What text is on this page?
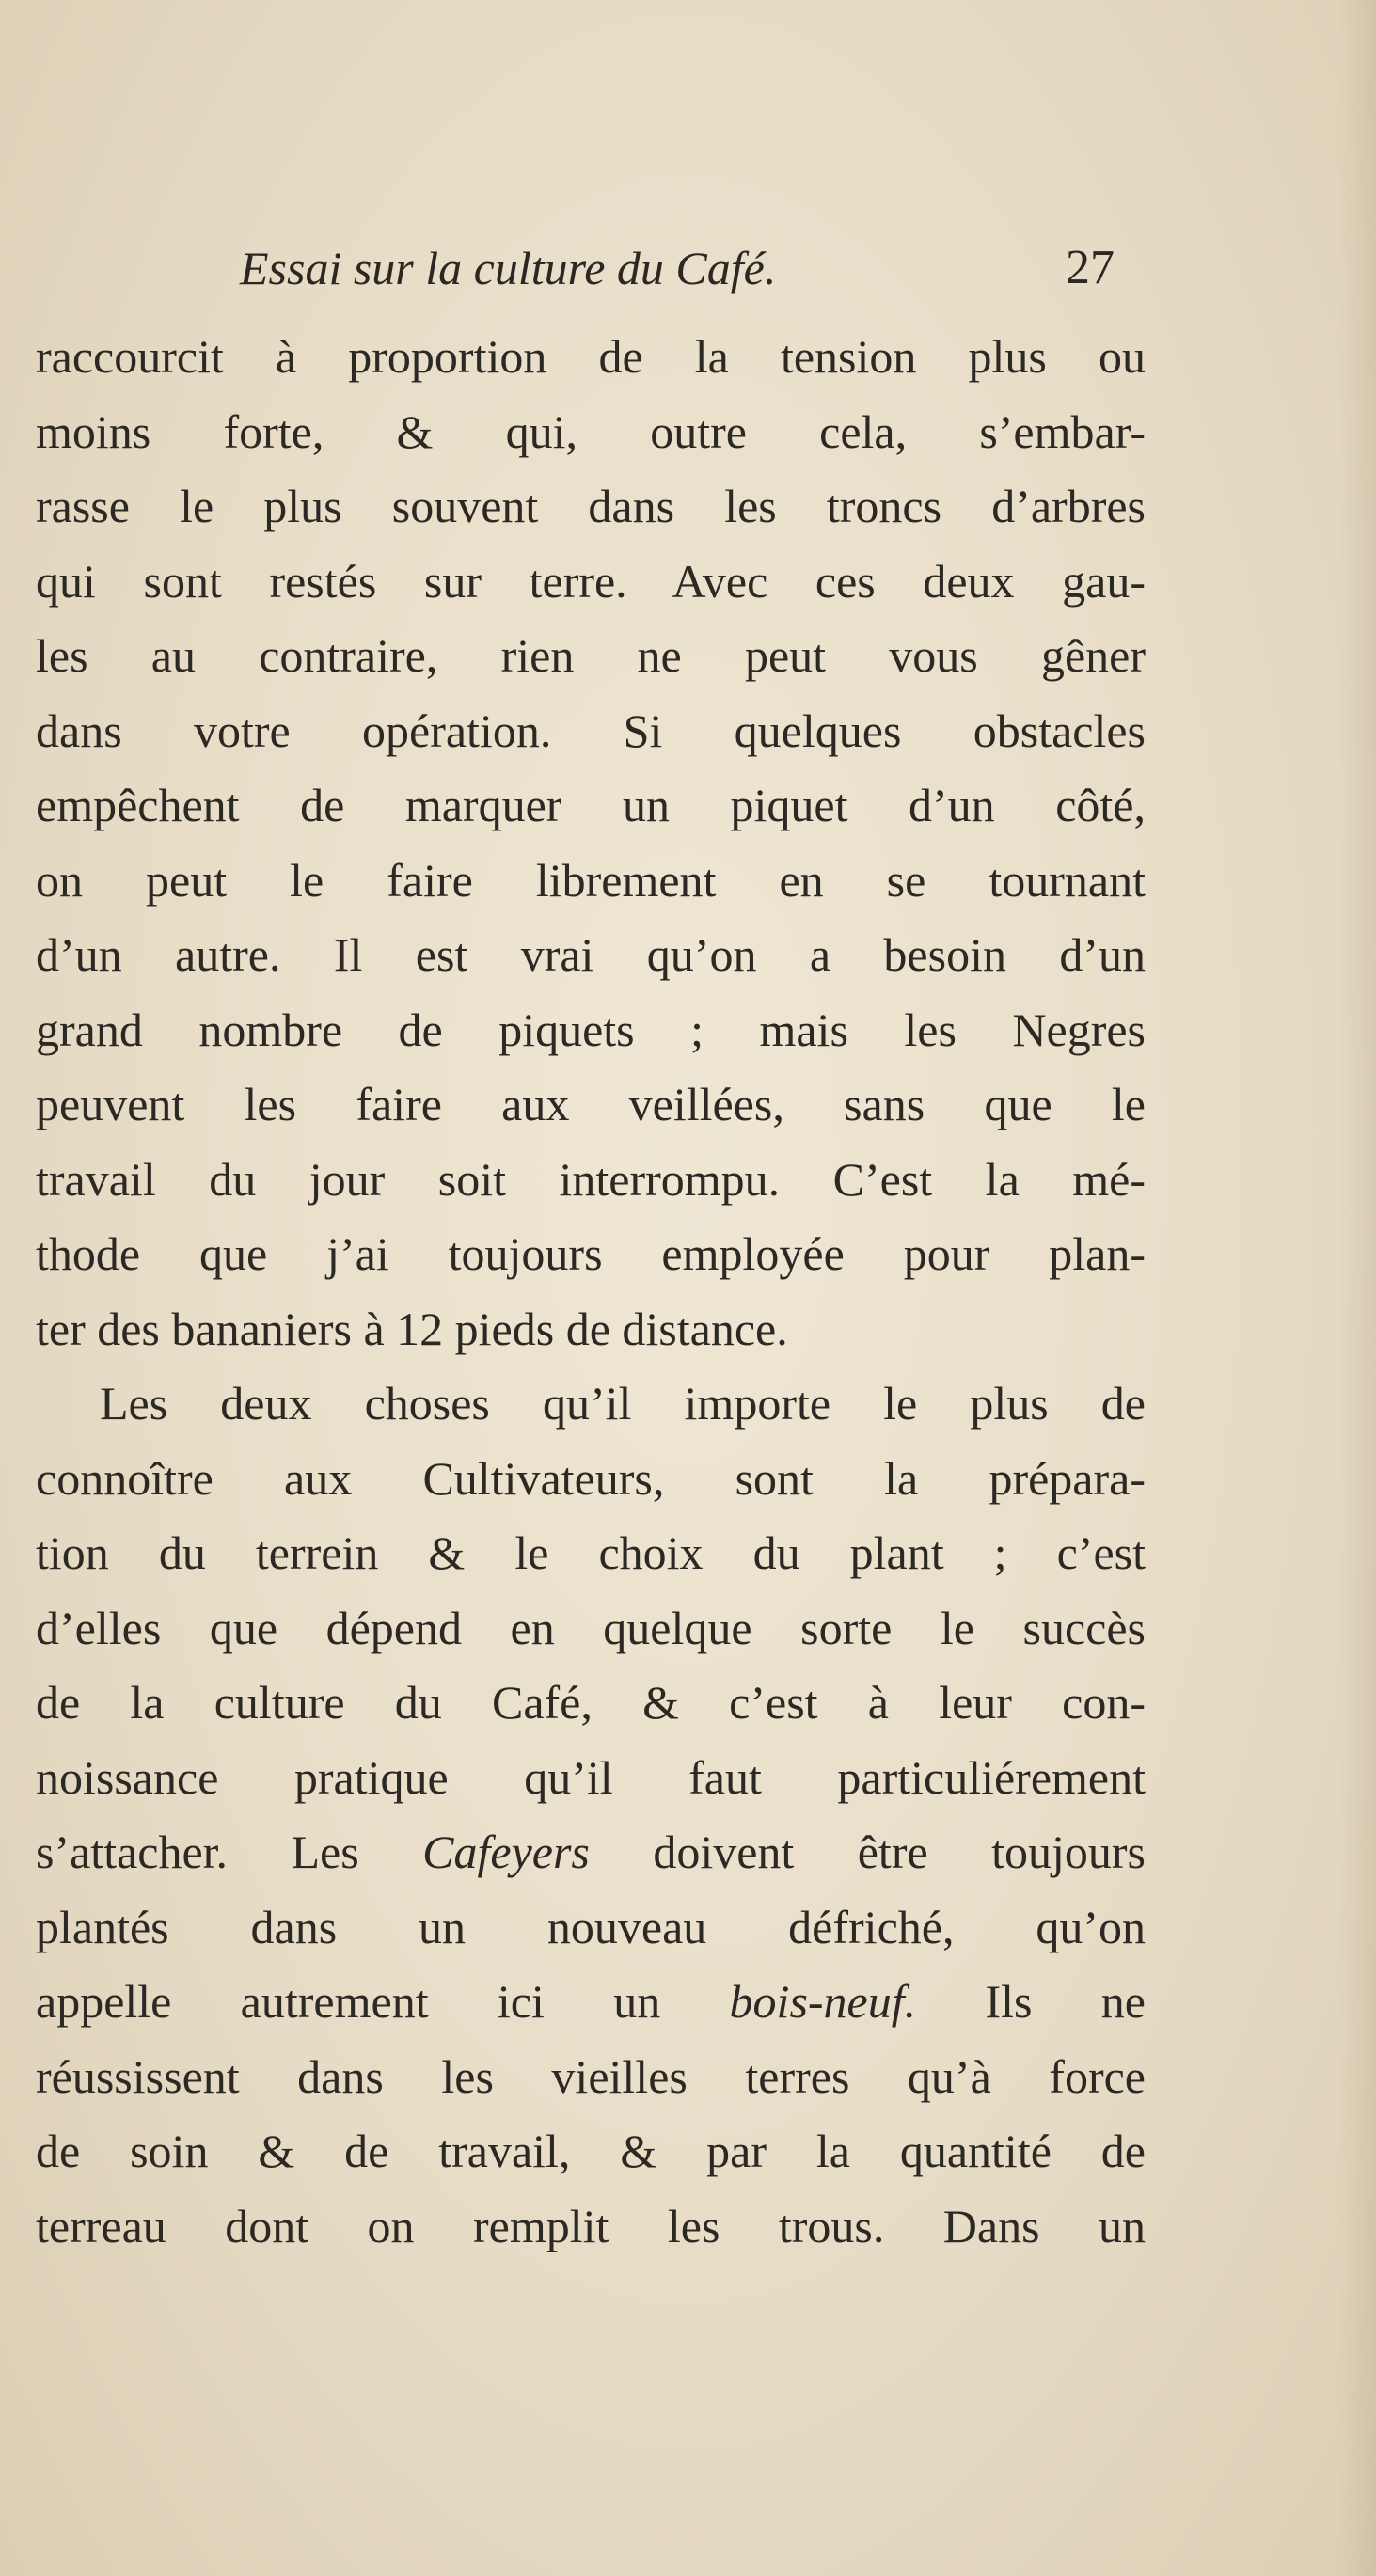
Essai sur la culture du Café.	27
raccourcit à proportion de la tension plus ou
moins forte, & qui, outre cela, s’embar-
rasse le plus souvent dans les troncs d’arbres
qui sont restés sur terre. Avec ces deux gau-
les au contraire, rien ne peut vous gêner
dans votre opération. Si quelques obstacles
empêchent de marquer un piquet d’un côté,
on peut le faire librement en se tournant
d’un autre. Il est vrai qu’on a besoin d’un
grand nombre de piquets ; mais les Negres
peuvent les faire aux veillées, sans que le
travail du jour soit interrompu. C’est la mé-
thode que j’ai toujours employée pour plan-
ter des bananiers à 12 pieds de distance.
Les deux choses qu’il importe le plus de
connoître aux Cultivateurs, sont la prépara-
tion du terrein & le choix du plant ; c’est
d’elles que dépend en quelque sorte le succès
de la culture du Café, & c’est à leur con-
noissance pratique qu’il faut particuliérement
s’attacher. Les Cafeyers doivent être toujours
plantés dans un nouveau défriché, qu’on
appelle autrement ici un bois-neuf. Ils ne
réussissent dans les vieilles terres qu’à force
de soin & de travail, & par la quantité de
terreau dont on remplit les trous. Dans un
